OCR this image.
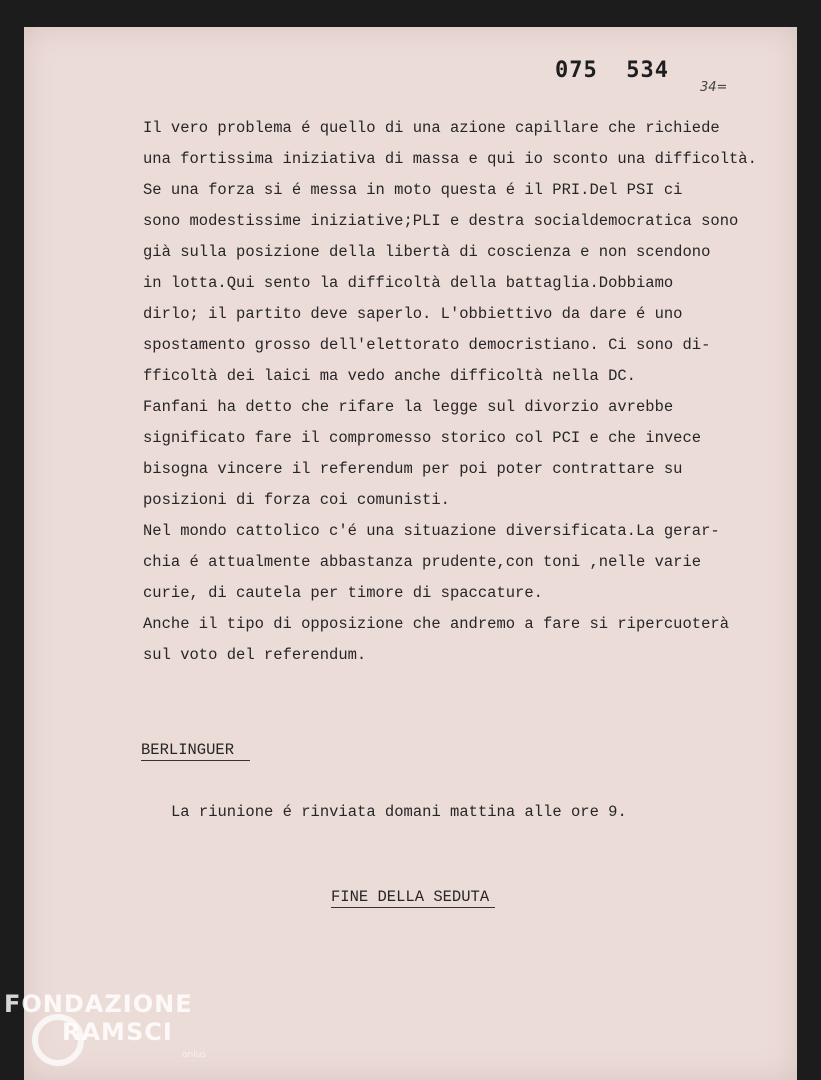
075  534
34=
Il vero problema é quello di una azione capillare che richiede
una fortissima iniziativa di massa e qui io sconto una difficoltà.
Se una forza si é messa in moto questa é il PRI.Del PSI ci
sono modestissime iniziative;PLI e destra socialdemocratica sono
già sulla posizione della libertà di coscienza e non scendono
in lotta.Qui sento la difficoltà della battaglia.Dobbiamo
dirlo; il partito deve saperlo. L'obbiettivo da dare é uno
spostamento grosso dell'elettorato democristiano. Ci sono di-
fficoltà dei laici ma vedo anche difficoltà nella DC.
Fanfani ha detto che rifare la legge sul divorzio avrebbe
significato fare il compromesso storico col PCI e che invece
bisogna vincere il referendum per poi poter contrattare su
posizioni di forza coi comunisti.
Nel mondo cattolico c'é una situazione diversificata.La gerar-
chia é attualmente abbastanza prudente,con toni ,nelle varie
curie, di cautela per timore di spaccature.
Anche il tipo di opposizione che andremo a fare si ripercuoterà
sul voto del referendum.
BERLINGUER
La riunione é rinviata domani mattina alle ore 9.
FINE DELLA SEDUTA
FONDAZIONE
RAMSCI
onlus
